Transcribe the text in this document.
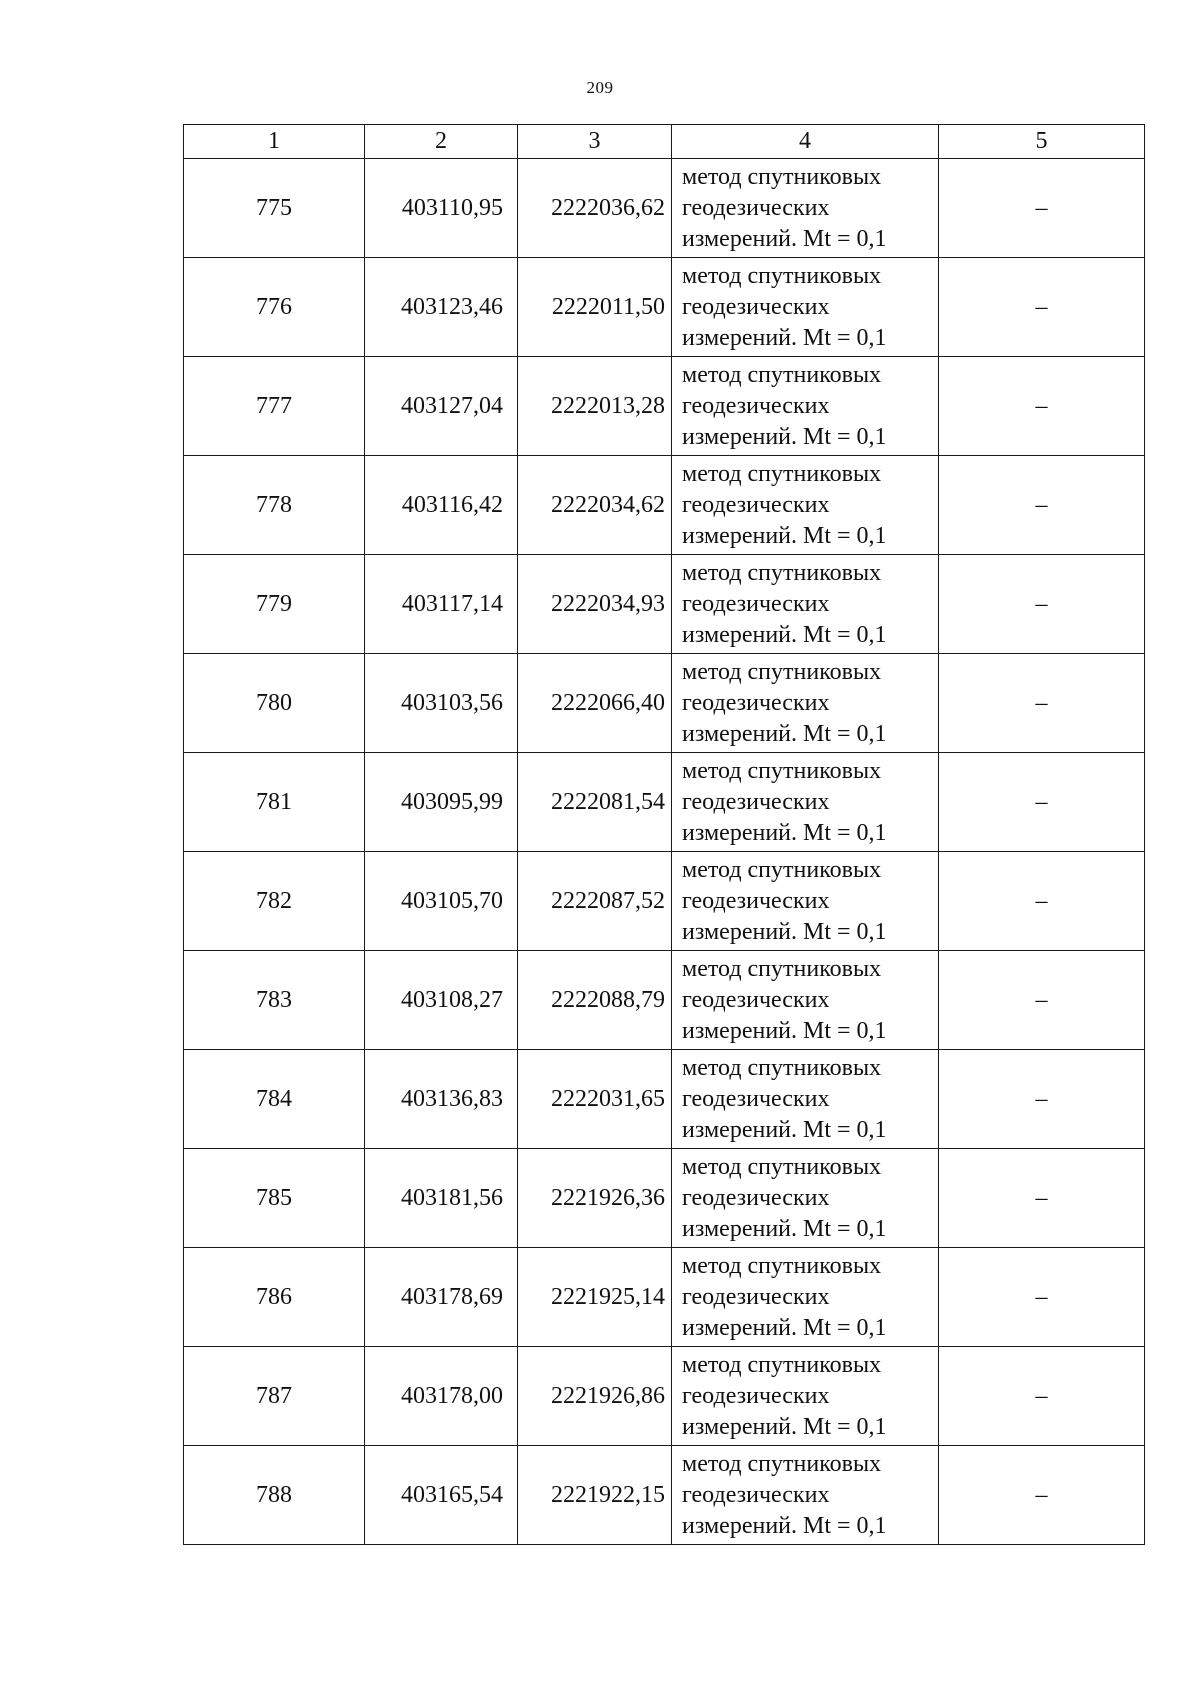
209
1	2	3	4	5
775	403110,95	2222036,62	метод спутниковых
геодезических
измерений. Mt = 0,1	–
776	403123,46	2222011,50	метод спутниковых
геодезических
измерений. Mt = 0,1	–
777	403127,04	2222013,28	метод спутниковых
геодезических
измерений. Mt = 0,1	–
778	403116,42	2222034,62	метод спутниковых
геодезических
измерений. Mt = 0,1	–
779	403117,14	2222034,93	метод спутниковых
геодезических
измерений. Mt = 0,1	–
780	403103,56	2222066,40	метод спутниковых
геодезических
измерений. Mt = 0,1	–
781	403095,99	2222081,54	метод спутниковых
геодезических
измерений. Mt = 0,1	–
782	403105,70	2222087,52	метод спутниковых
геодезических
измерений. Mt = 0,1	–
783	403108,27	2222088,79	метод спутниковых
геодезических
измерений. Mt = 0,1	–
784	403136,83	2222031,65	метод спутниковых
геодезических
измерений. Mt = 0,1	–
785	403181,56	2221926,36	метод спутниковых
геодезических
измерений. Mt = 0,1	–
786	403178,69	2221925,14	метод спутниковых
геодезических
измерений. Mt = 0,1	–
787	403178,00	2221926,86	метод спутниковых
геодезических
измерений. Mt = 0,1	–
788	403165,54	2221922,15	метод спутниковых
геодезических
измерений. Mt = 0,1	–
